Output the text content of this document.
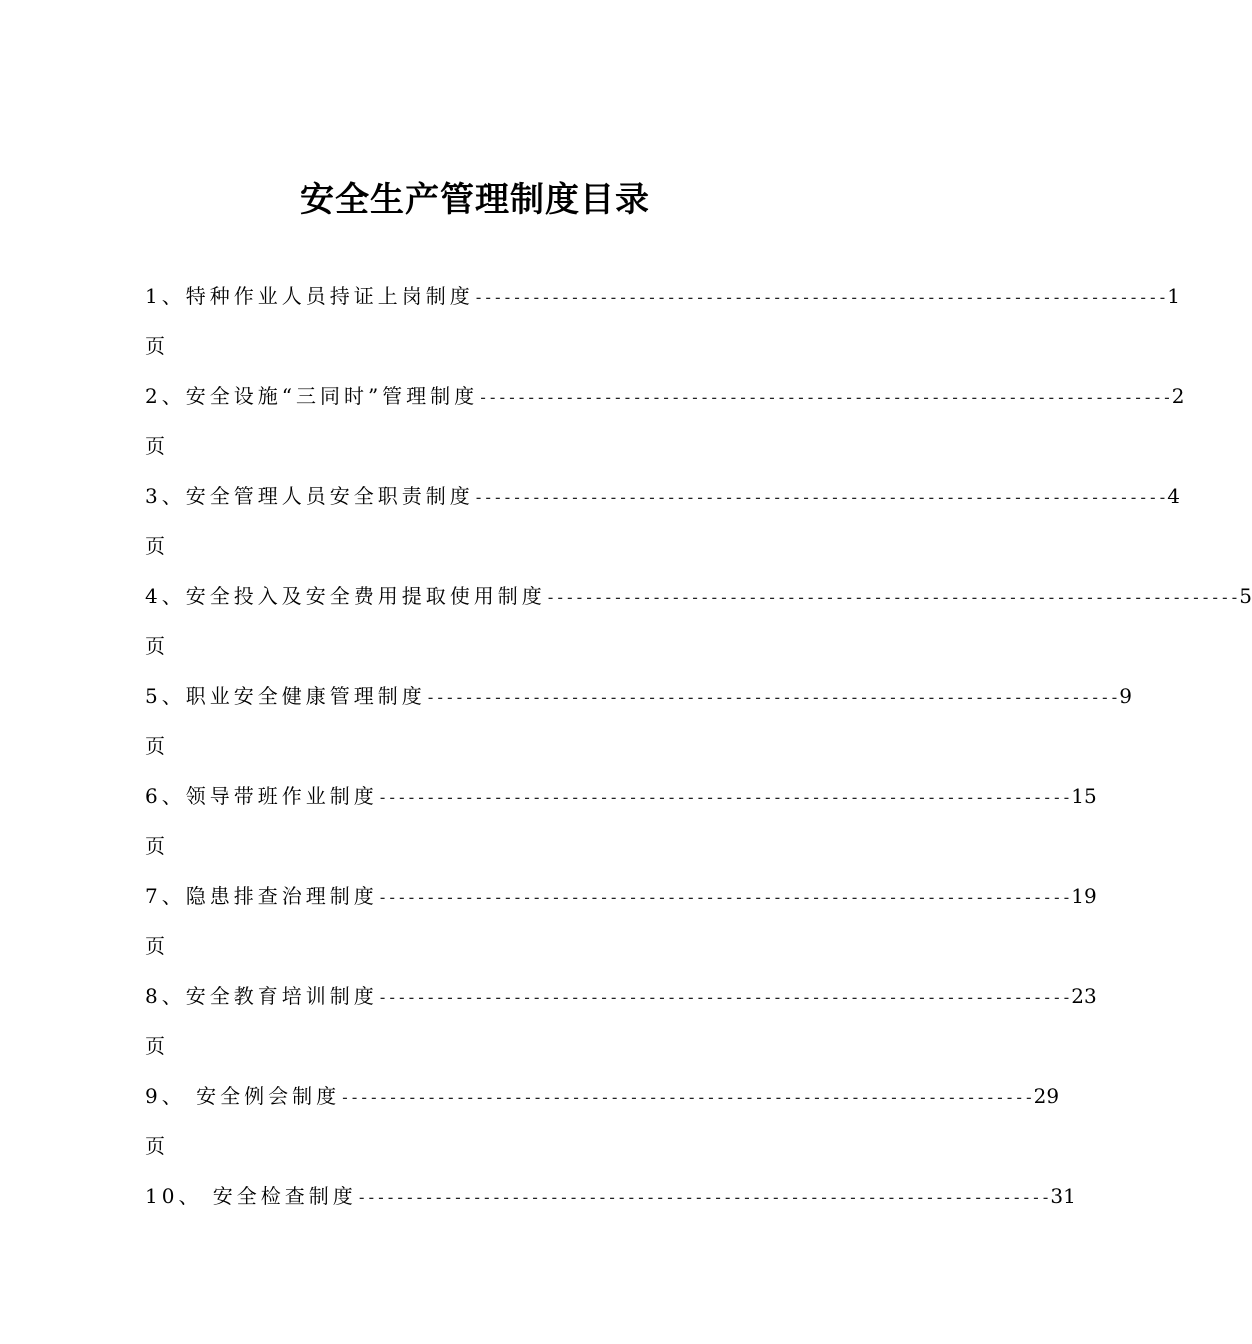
安全生产管理制度目录
1、特种作业人员持证上岗制度 ------------------------------------------------------------------------ 1
页
2、安全设施“三同时”管理制度 ------------------------------------------------------------------------ 2
页
3、安全管理人员安全职责制度 ------------------------------------------------------------------------ 4
页
4、安全投入及安全费用提取使用制度 ------------------------------------------------------------------------ 5
页
5、职业安全健康管理制度 ------------------------------------------------------------------------ 9
页
6、领导带班作业制度 ------------------------------------------------------------------------ 15
页
7、隐患排查治理制度 ------------------------------------------------------------------------ 19
页
8、安全教育培训制度 ------------------------------------------------------------------------ 23
页
9、 安全例会制度 ------------------------------------------------------------------------ 29
页
10、 安全检查制度 ------------------------------------------------------------------------ 31
